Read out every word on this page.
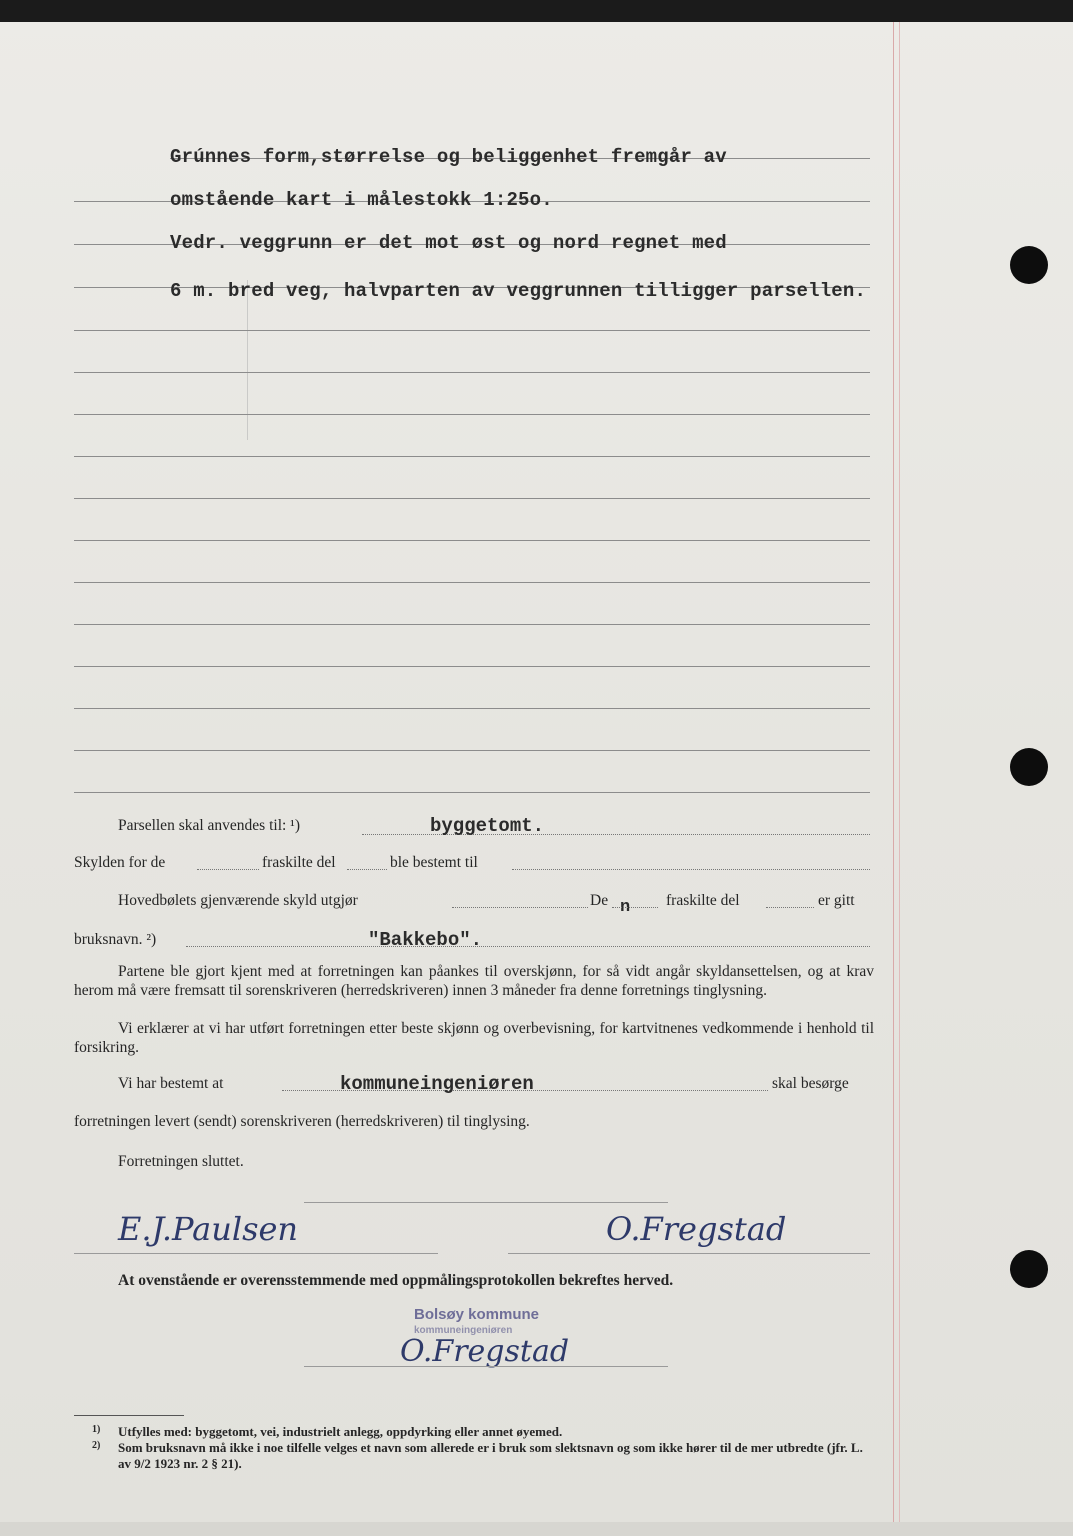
Grúnnes form,størrelse og beliggenhet fremgår av
omstående kart i målestokk 1:25o.
Vedr. veggrunn er det mot øst og nord regnet med
6 m. bred veg, halvparten av veggrunnen tilligger parsellen.
Parsellen skal anvendes til: ¹)	byggetomt.
Skylden for de	fraskilte del	ble bestemt til
Hovedbølets gjenværende skyld utgjør	De n fraskilte del	er gitt
bruksnavn. ²)	"Bakkebo".
Partene ble gjort kjent med at forretningen kan påankes til overskjønn, for så vidt angår skyldansettelsen, og at krav herom må være fremsatt til sorenskriveren (herredskriveren) innen 3 måneder fra denne forretnings tinglysning.
Vi erklærer at vi har utført forretningen etter beste skjønn og overbevisning, for kartvitnenes vedkommende i henhold til forsikring.
Vi har bestemt at	kommuneingeniøren	skal besørge
forretningen levert (sendt) sorenskriveren (herredskriveren) til tinglysing.
Forretningen sluttet.
E.J.Paulsen	O.Fregstad
At ovenstående er overensstemmende med oppmålingsprotokollen bekreftes herved.
Bolsøy kommune
kommuneingeniøren
O.Fregstad
1) Utfylles med: byggetomt, vei, industrielt anlegg, oppdyrking eller annet øyemed.
2) Som bruksnavn må ikke i noe tilfelle velges et navn som allerede er i bruk som slektsnavn og som ikke hører til de mer utbredte (jfr. L. av 9/2 1923 nr. 2 § 21).
